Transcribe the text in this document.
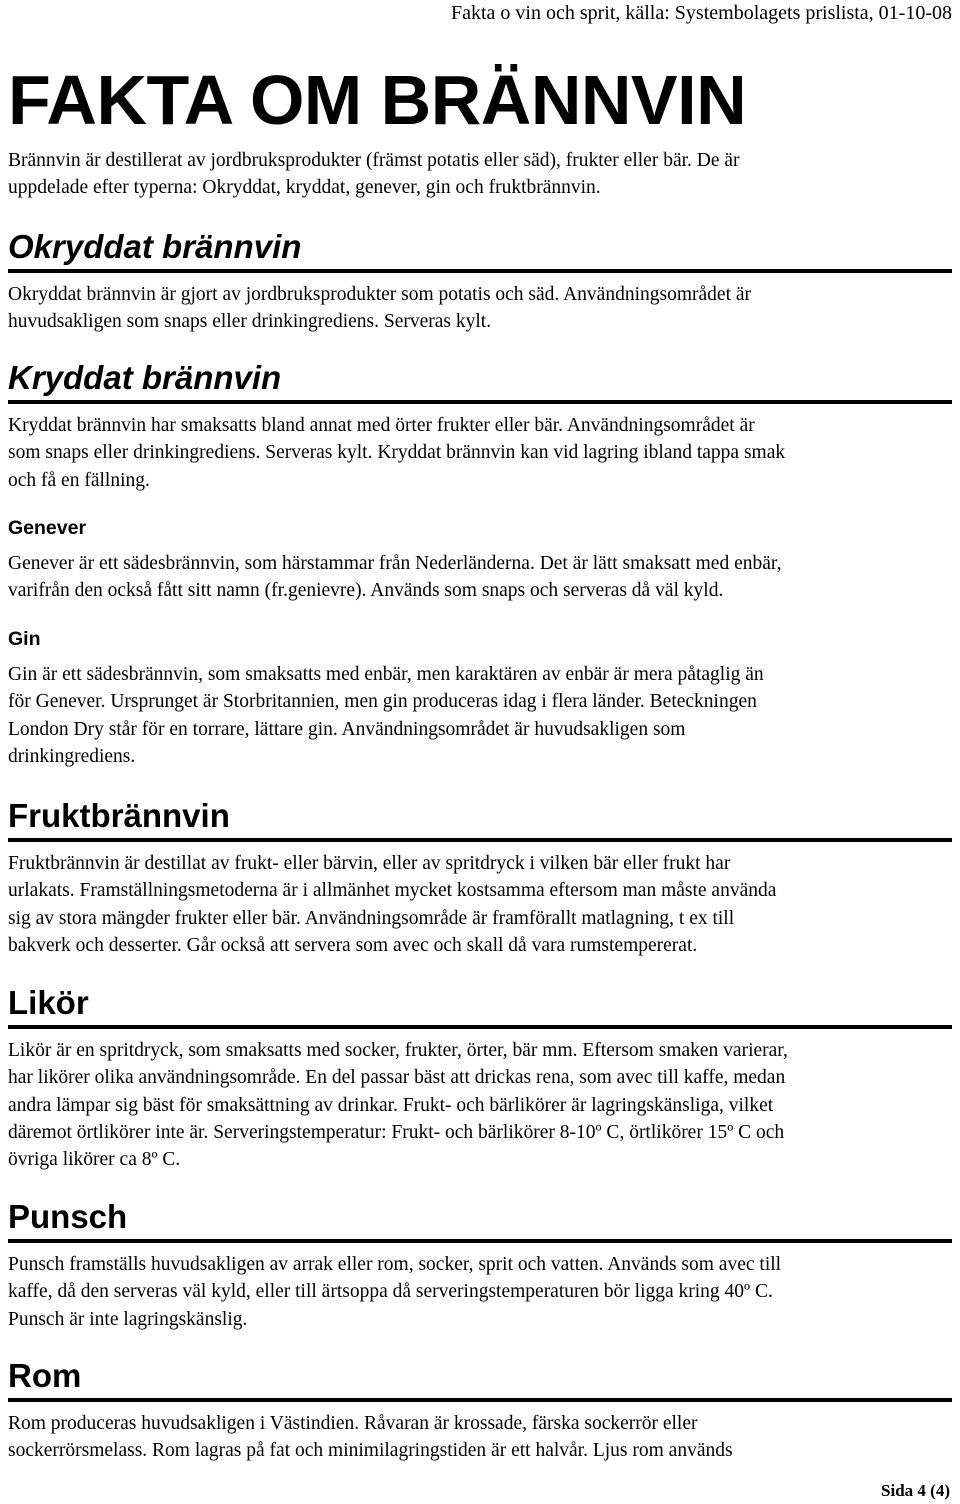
Fakta o vin och sprit, källa: Systembolagets prislista, 01-10-08
FAKTA OM BRÄNNVIN
Brännvin är destillerat av jordbruksprodukter (främst potatis eller säd), frukter eller bär. De är
uppdelade efter typerna: Okryddat, kryddat, genever, gin och fruktbrännvin.
Okryddat brännvin
Okryddat brännvin är gjort av jordbruksprodukter som potatis och säd. Användningsområdet är
huvudsakligen som snaps eller drinkingrediens. Serveras kylt.
Kryddat brännvin
Kryddat brännvin har smaksatts bland annat med örter frukter eller bär. Användningsområdet är
som snaps eller drinkingrediens. Serveras kylt. Kryddat brännvin kan vid lagring ibland tappa smak
och få en fällning.
Genever
Genever är ett sädesbrännvin, som härstammar från Nederländerna. Det är lätt smaksatt med enbär,
varifrån den också fått sitt namn (fr.genievre). Används som snaps och serveras då väl kyld.
Gin
Gin är ett sädesbrännvin, som smaksatts med enbär, men karaktären av enbär är mera påtaglig än
för Genever. Ursprunget är Storbritannien, men gin produceras idag i flera länder. Beteckningen
London Dry står för en torrare, lättare gin. Användningsområdet är huvudsakligen som
drinkingrediens.
Fruktbrännvin
Fruktbrännvin är destillat av frukt- eller bärvin, eller av spritdryck i vilken bär eller frukt har
urlakats. Framställningsmetoderna är i allmänhet mycket kostsamma eftersom man måste använda
sig av stora mängder frukter eller bär. Användningsområde är framförallt matlagning, t ex till
bakverk och desserter. Går också att servera som avec och skall då vara rumstempererat.
Likör
Likör är en spritdryck, som smaksatts med socker, frukter, örter, bär mm. Eftersom smaken varierar,
har likörer olika användningsområde. En del passar bäst att drickas rena, som avec till kaffe, medan
andra lämpar sig bäst för smaksättning av drinkar. Frukt- och bärlikörer är lagringskänsliga, vilket
däremot örtlikörer inte är. Serveringstemperatur: Frukt- och bärlikörer 8-10º C, örtlikörer 15º C och
övriga likörer ca 8º C.
Punsch
Punsch framställs huvudsakligen av arrak eller rom, socker, sprit och vatten. Används som avec till
kaffe, då den serveras väl kyld, eller till ärtsoppa då serveringstemperaturen bör ligga kring 40º C.
Punsch är inte lagringskänslig.
Rom
Rom produceras huvudsakligen i Västindien. Råvaran är krossade, färska sockerrör eller
sockerrörsmelass. Rom lagras på fat och minimilagringstiden är ett halvår. Ljus rom används
Sida 4 (4)
